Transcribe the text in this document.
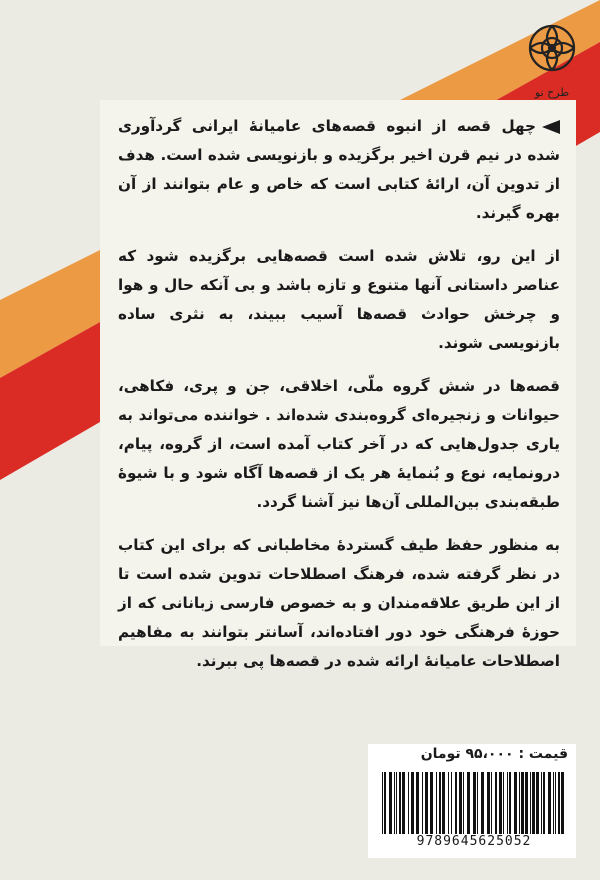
طرح نو

چهل قصه از انبوه قصه‌های عامیانهٔ ایرانی گردآوری شده در نیم قرن اخیر برگزیده و بازنویسی شده است. هدف از تدوین آن، ارائهٔ کتابی است که خاص و عام بتوانند از آن بهره گیرند.

از این رو، تلاش شده است قصه‌هایی برگزیده شود که عناصر داستانی آنها متنوع و تازه باشد و بی آنکه حال و هوا و چرخش حوادث قصه‌ها آسیب ببیند، به نثری ساده بازنویسی شوند.

قصه‌ها در شش گروه ملّی، اخلاقی، جن و پری، فکاهی، حیوانات و زنجیره‌ای گروه‌بندی شده‌اند . خواننده می‌تواند به یاری جدول‌هایی که در آخر کتاب آمده است، از گروه، پیام، درونمایه، نوع و بُنمایهٔ هر یک از قصه‌ها آگاه شود و با شیوهٔ طبقه‌بندی بین‌المللی آن‌ها نیز آشنا گردد.

به منظور حفظ طیف گستردهٔ مخاطبانی که برای این کتاب در نظر گرفته شده، فرهنگ اصطلاحات تدوین شده است تا از این طریق علاقه‌مندان و به خصوص فارسی زبانانی که از حوزهٔ فرهنگی خود دور افتاده‌اند، آسانتر بتوانند به مفاهیم اصطلاحات عامیانهٔ ارائه شده در قصه‌ها پی ببرند.

قیمت : ۹۵،۰۰۰ تومان
9789645625052
